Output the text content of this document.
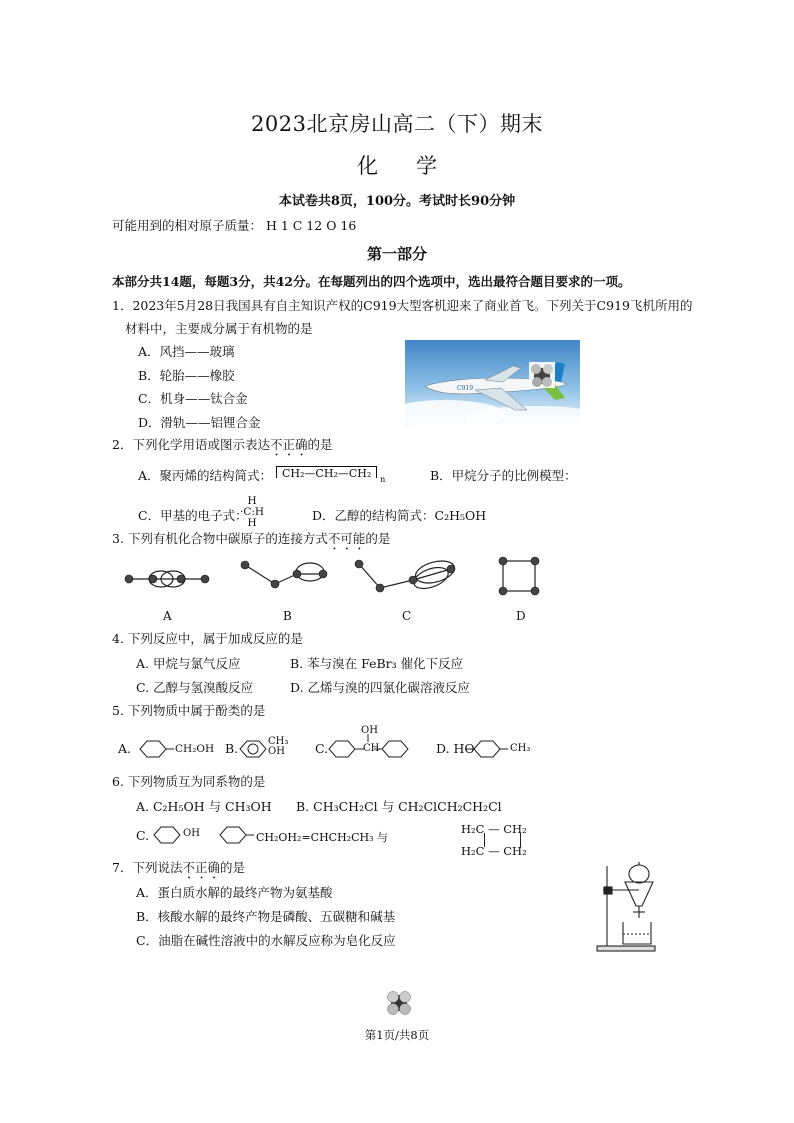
2023北京房山高二（下）期末
化学
本试卷共8页，100分。考试时长90分钟
可能用到的相对原子质量： H 1 C 12 O 16
第一部分
本部分共14题，每题3分，共42分。在每题列出的四个选项中，选出最符合题目要求的一项。
1．2023年5月28日我国具有自主知识产权的C919大型客机迎来了商业首飞。下列关于C919飞机所用的
材料中，主要成分属于有机物的是
A．风挡——玻璃
B．轮胎——橡胶
C．机身——钛合金
D．滑轨——铝锂合金
C919
2．下列化学用语或图示表达不正确的是
A．聚丙烯的结构简式： CH₂—CH₂—CH₂ n	B．甲烷分子的比例模型：
C．甲基的电子式：
H
·C:H
H	D．乙醇的结构简式：C₂H₅OH
3. 下列有机化合物中碳原子的连接方式不可能的是
A	B	C	D
4. 下列反应中，属于加成反应的是
A. 甲烷与氯气反应	B. 苯与溴在 FeBr₃ 催化下反应
C. 乙醇与氢溴酸反应	D. 乙烯与溴的四氯化碳溶液反应
5. 下列物质中属于酚类的是
A.	CH₂OH B.	CH₃
OH C.
OH
CH	D. HO	CH₃
6. 下列物质互为同系物的是
A. C₂H₅OH 与 CH₃OH B. CH₃CH₂Cl 与 CH₂ClCH₂CH₂Cl
C.	OH	CH₂OH₂=CHCH₂CH₃ 与
H₂C — CH₂
H₂C — CH₂
7．下列说法不正确的是
A．蛋白质水解的最终产物为氨基酸
B．核酸水解的最终产物是磷酸、五碳糖和碱基
C．油脂在碱性溶液中的水解反应称为皂化反应
第1页/共8页
